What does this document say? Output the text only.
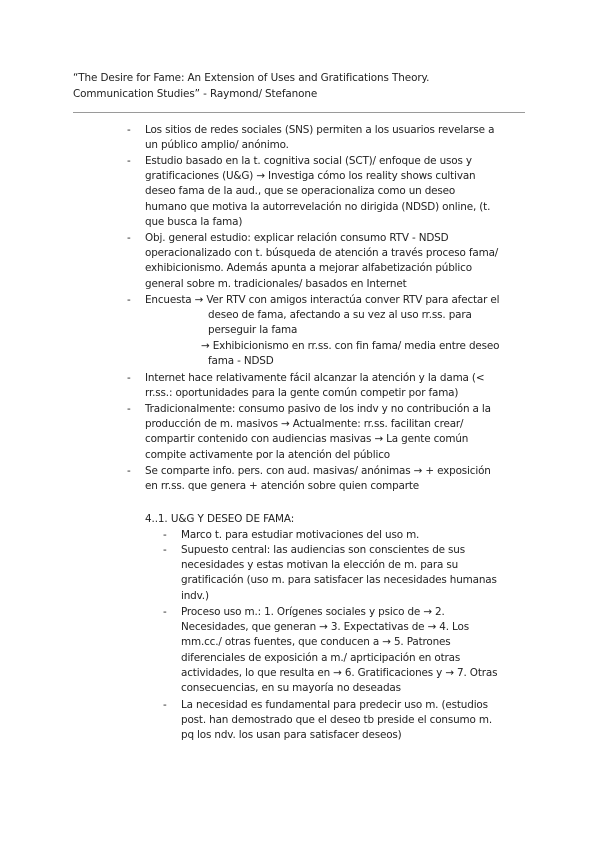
“The Desire for Fame: An Extension of Uses and Gratifications Theory.
Communication Studies” - Raymond/ Stefanone
- Los sitios de redes sociales (SNS) permiten a los usuarios revelarse a
un público amplio/ anónimo.
- Estudio basado en la t. cognitiva social (SCT)/ enfoque de usos y
gratificaciones (U&G) → Investiga cómo los reality shows cultivan
deseo fama de la aud., que se operacionaliza como un deseo
humano que motiva la autorrevelación no dirigida (NDSD) online, (t.
que busca la fama)
- Obj. general estudio: explicar relación consumo RTV - NDSD
operacionalizado con t. búsqueda de atención a través proceso fama/
exhibicionismo. Además apunta a mejorar alfabetización público
general sobre m. tradicionales/ basados en Internet
- Encuesta → Ver RTV con amigos interactúa conver RTV para afectar el
deseo de fama, afectando a su vez al uso rr.ss. para
perseguir la fama
→ Exhibicionismo en rr.ss. con fin fama/ media entre deseo
fama - NDSD
- Internet hace relativamente fácil alcanzar la atención y la dama (<
rr.ss.: oportunidades para la gente común competir por fama)
- Tradicionalmente: consumo pasivo de los indv y no contribución a la
producción de m. masivos → Actualmente: rr.ss. facilitan crear/
compartir contenido con audiencias masivas → La gente común
compite activamente por la atención del público
- Se comparte info. pers. con aud. masivas/ anónimas → + exposición
en rr.ss. que genera + atención sobre quien comparte
4..1. U&G Y DESEO DE FAMA:
- Marco t. para estudiar motivaciones del uso m.
- Supuesto central: las audiencias son conscientes de sus
necesidades y estas motivan la elección de m. para su
gratificación (uso m. para satisfacer las necesidades humanas
indv.)
- Proceso uso m.: 1. Orígenes sociales y psico de → 2.
Necesidades, que generan → 3. Expectativas de → 4. Los
mm.cc./ otras fuentes, que conducen a → 5. Patrones
diferenciales de exposición a m./ aprticipación en otras
actividades, lo que resulta en → 6. Gratificaciones y → 7. Otras
consecuencias, en su mayoría no deseadas
- La necesidad es fundamental para predecir uso m. (estudios
post. han demostrado que el deseo tb preside el consumo m.
pq los ndv. los usan para satisfacer deseos)
